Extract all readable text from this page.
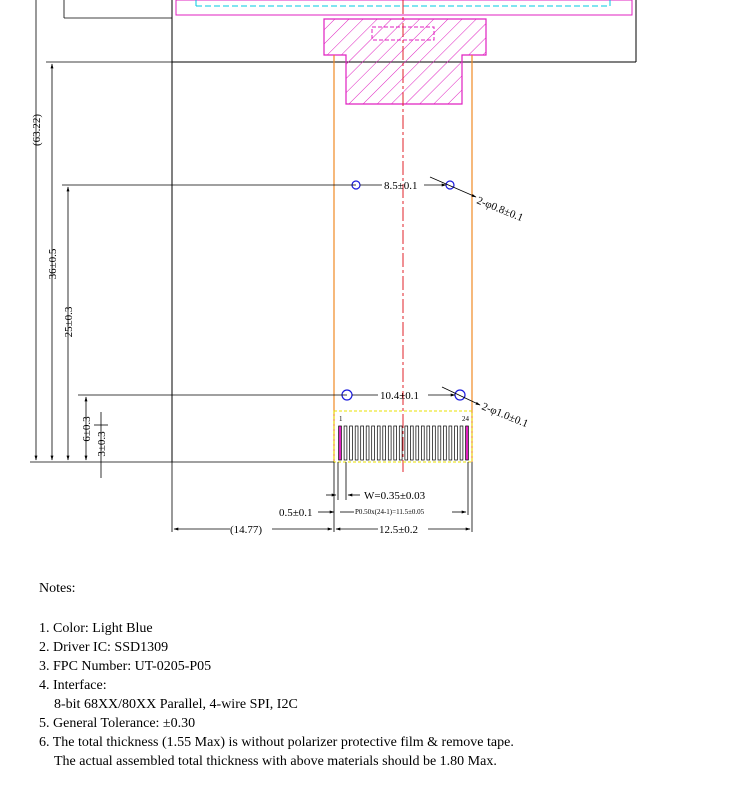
1	24
(63.22)
36±0.5
25±0.3
6±0.3
3±0.3
8.5±0.1
10.4±0.1
2-φ0.8±0.1
2-φ1.0±0.1
(14.77)	12.5±0.2
0.5±0.1	P0.50x(24-1)=11.5±0.05
W=0.35±0.03
Notes:
1. Color: Light Blue
2. Driver IC: SSD1309
3. FPC Number: UT-0205-P05
4. Interface:
8-bit 68XX/80XX Parallel, 4-wire SPI, I2C
5. General Tolerance: ±0.30
6. The total thickness (1.55 Max) is without polarizer protective film & remove tape.
The actual assembled total thickness with above materials should be 1.80 Max.
